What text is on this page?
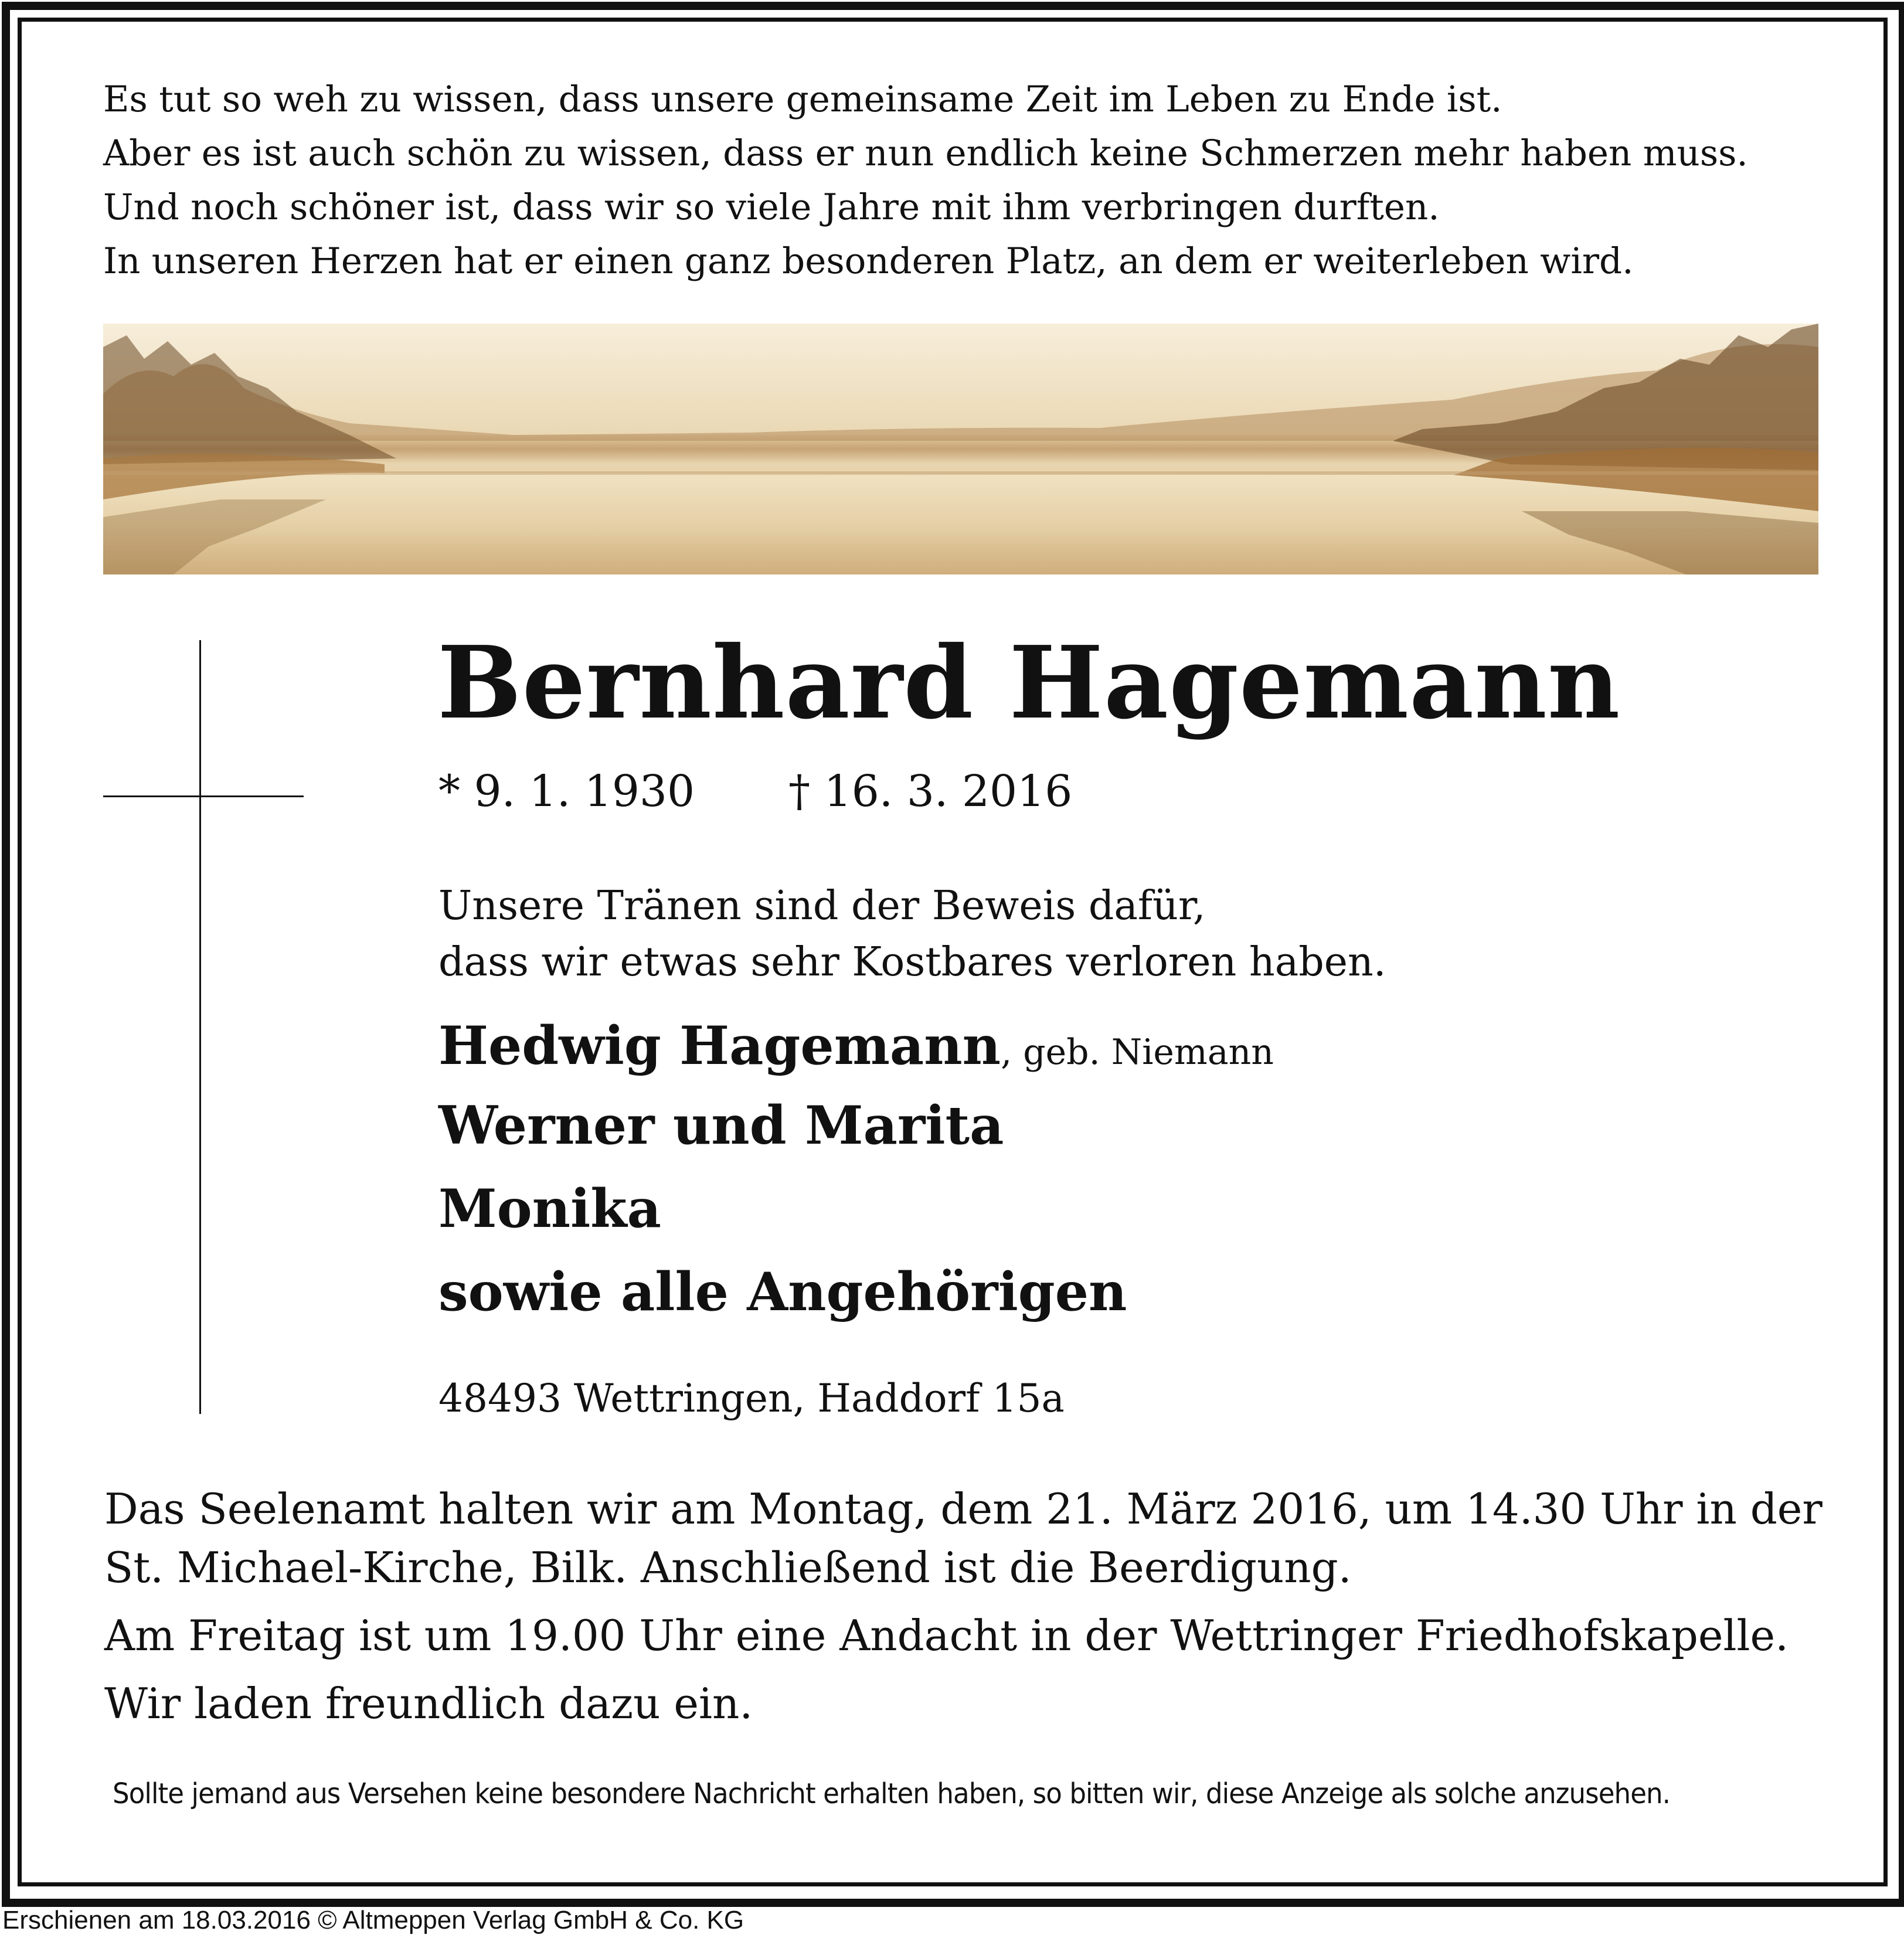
Es tut so weh zu wissen, dass unsere gemeinsame Zeit im Leben zu Ende ist.
Aber es ist auch schön zu wissen, dass er nun endlich keine Schmerzen mehr haben muss.
Und noch schöner ist, dass wir so viele Jahre mit ihm verbringen durften.
In unseren Herzen hat er einen ganz besonderen Platz, an dem er weiterleben wird.
Bernhard Hagemann
* 9. 1. 1930 † 16. 3. 2016
Unsere Tränen sind der Beweis dafür,
dass wir etwas sehr Kostbares verloren haben.
Hedwig Hagemann, geb. Niemann
Werner und Marita
Monika
sowie alle Angehörigen
48493 Wettringen, Haddorf 15a
Das Seelenamt halten wir am Montag, dem 21. März 2016, um 14.30 Uhr in der
St. Michael-Kirche, Bilk. Anschließend ist die Beerdigung.
Am Freitag ist um 19.00 Uhr eine Andacht in der Wettringer Friedhofskapelle.
Wir laden freundlich dazu ein.
Sollte jemand aus Versehen keine besondere Nachricht erhalten haben, so bitten wir, diese Anzeige als solche anzusehen.
Erschienen am 18.03.2016 © Altmeppen Verlag GmbH & Co. KG
